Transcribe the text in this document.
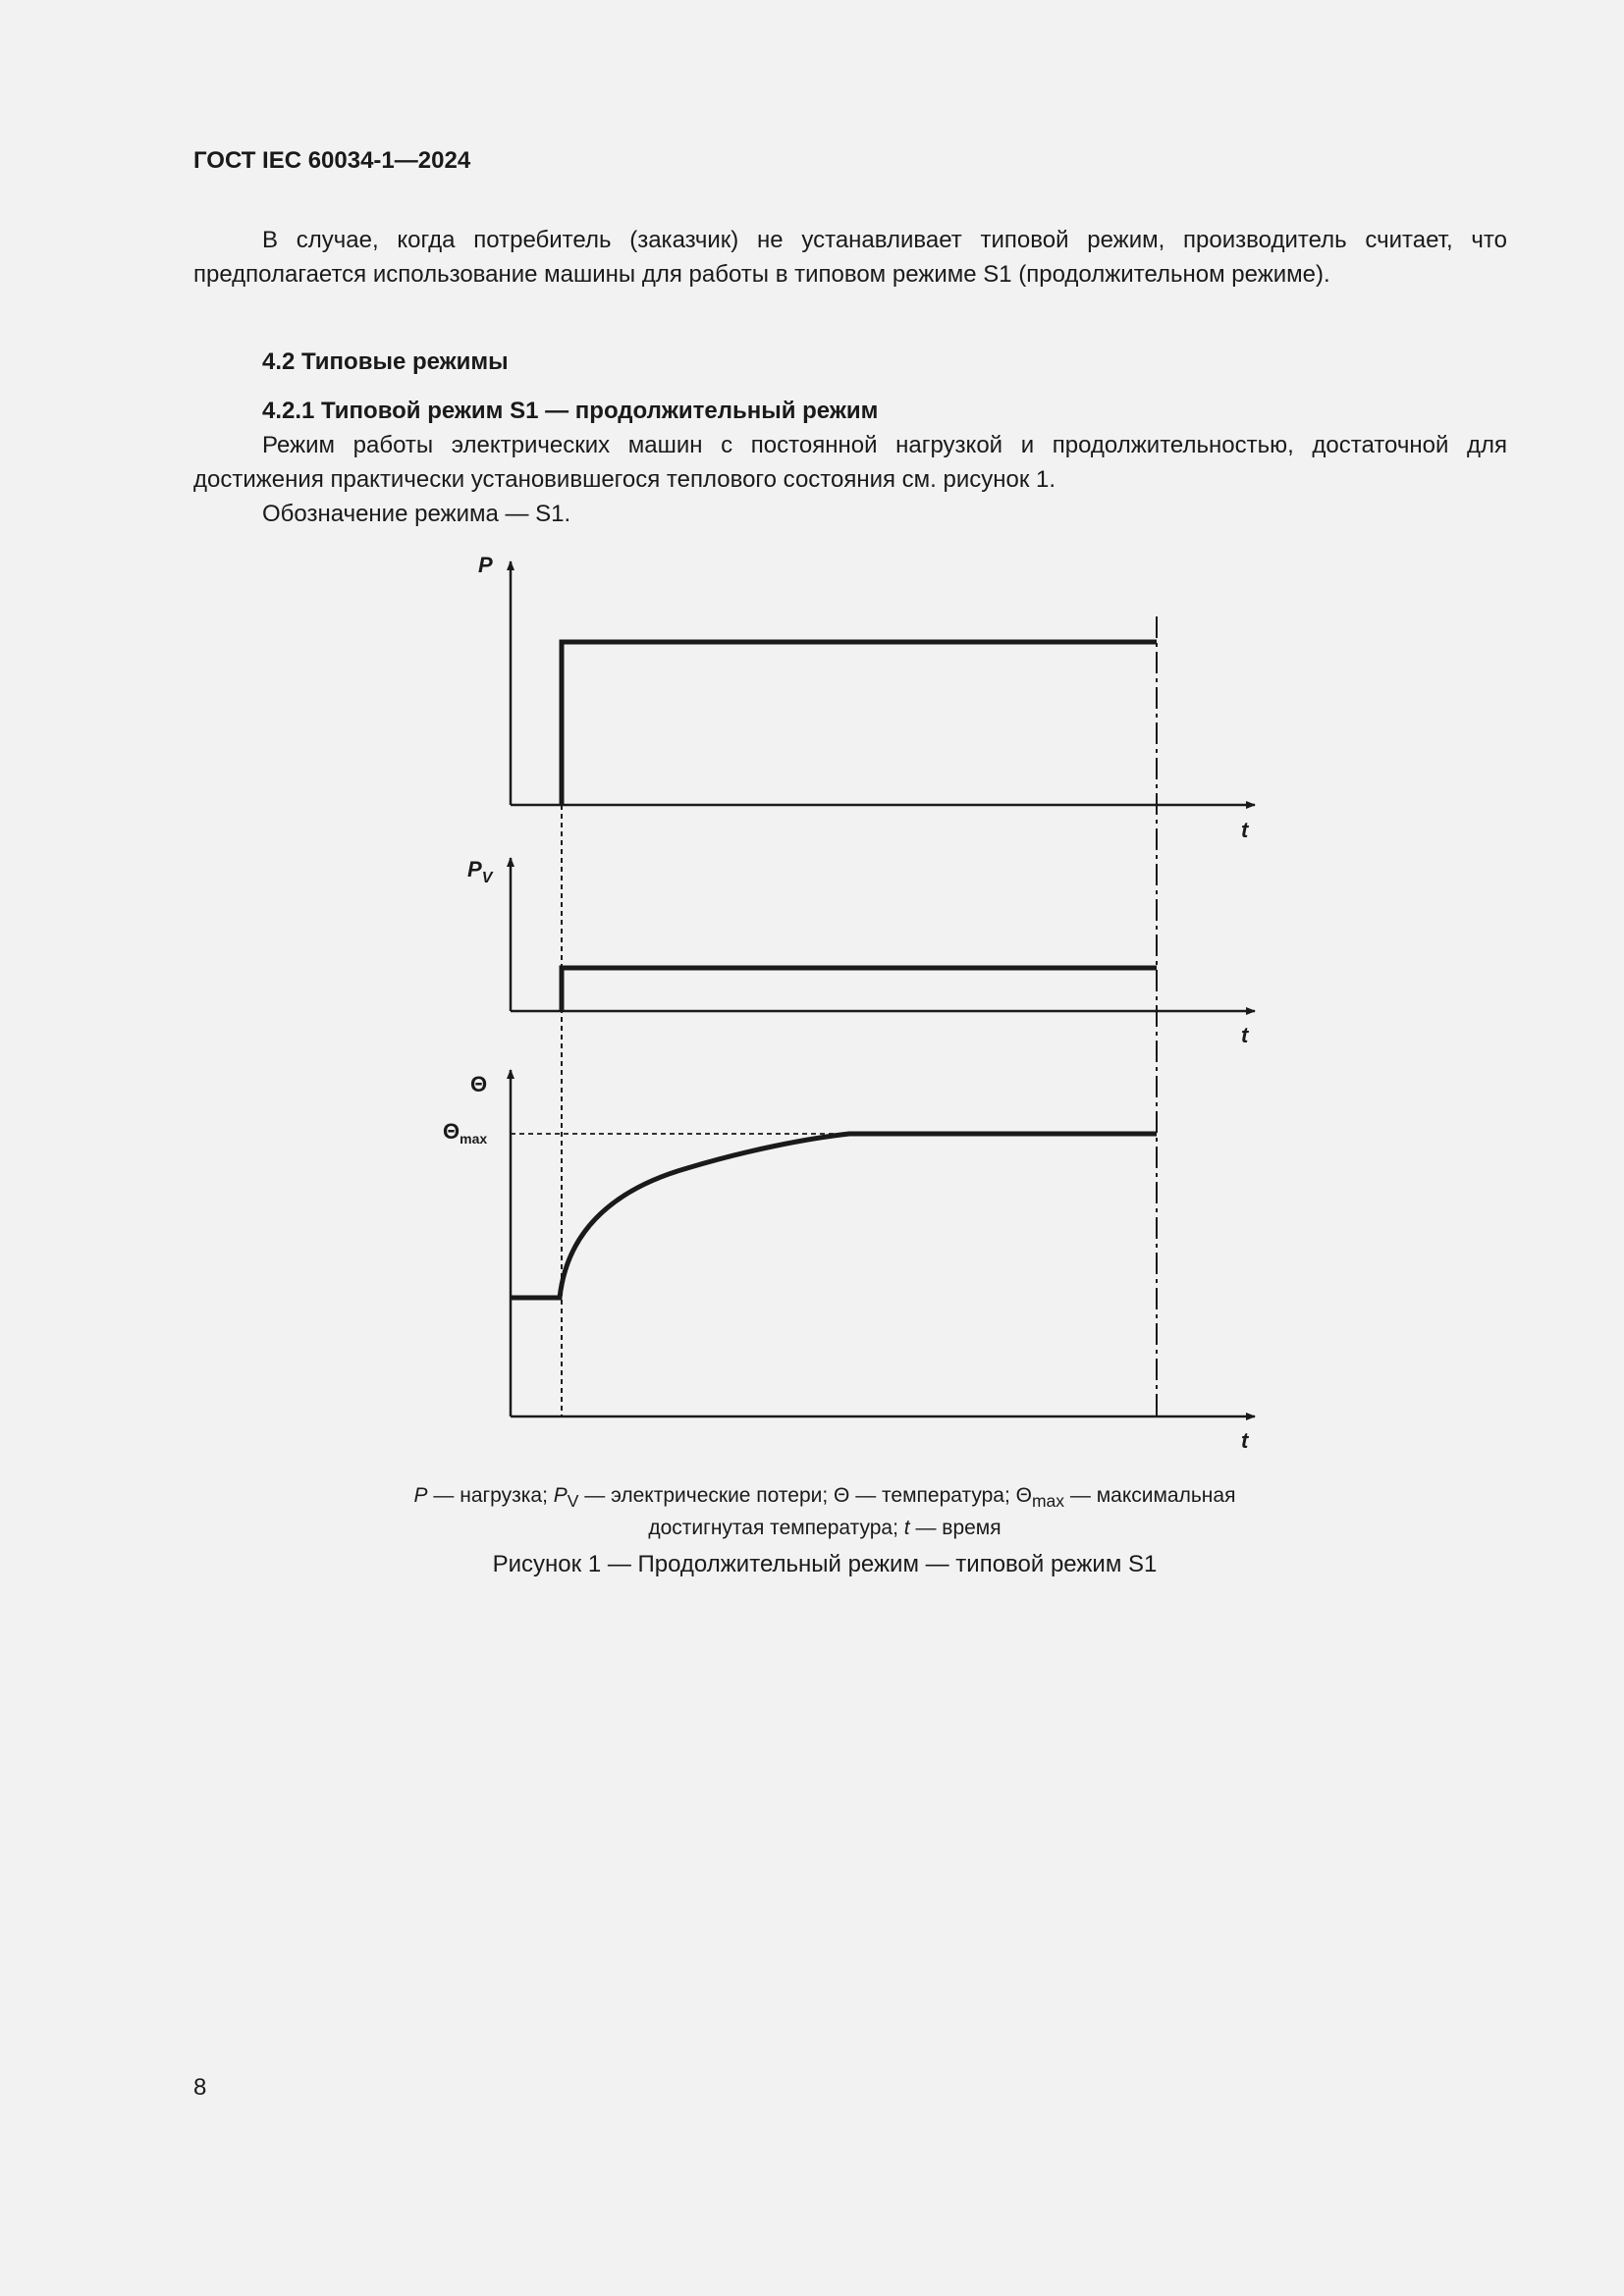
ГОСТ IEC 60034-1—2024
В случае, когда потребитель (заказчик) не устанавливает типовой режим, производитель считает, что предполагается использование машины для работы в типовом режиме S1 (продолжительном режиме).
4.2 Типовые режимы
4.2.1 Типовой режим S1 — продолжительный режим
Режим работы электрических машин с постоянной нагрузкой и продолжительностью, достаточной для достижения практически установившегося теплового состояния см. рисунок 1.
Обозначение режима — S1.
P
t
$P_V$
t
Θ
$\Theta_{max}$
t
P — нагрузка; $P_V$ — электрические потери; Θ — температура; $\Theta_{max}$ — максимальная
достигнутая температура; t — время
Рисунок 1 — Продолжительный режим — типовой режим S1
8
